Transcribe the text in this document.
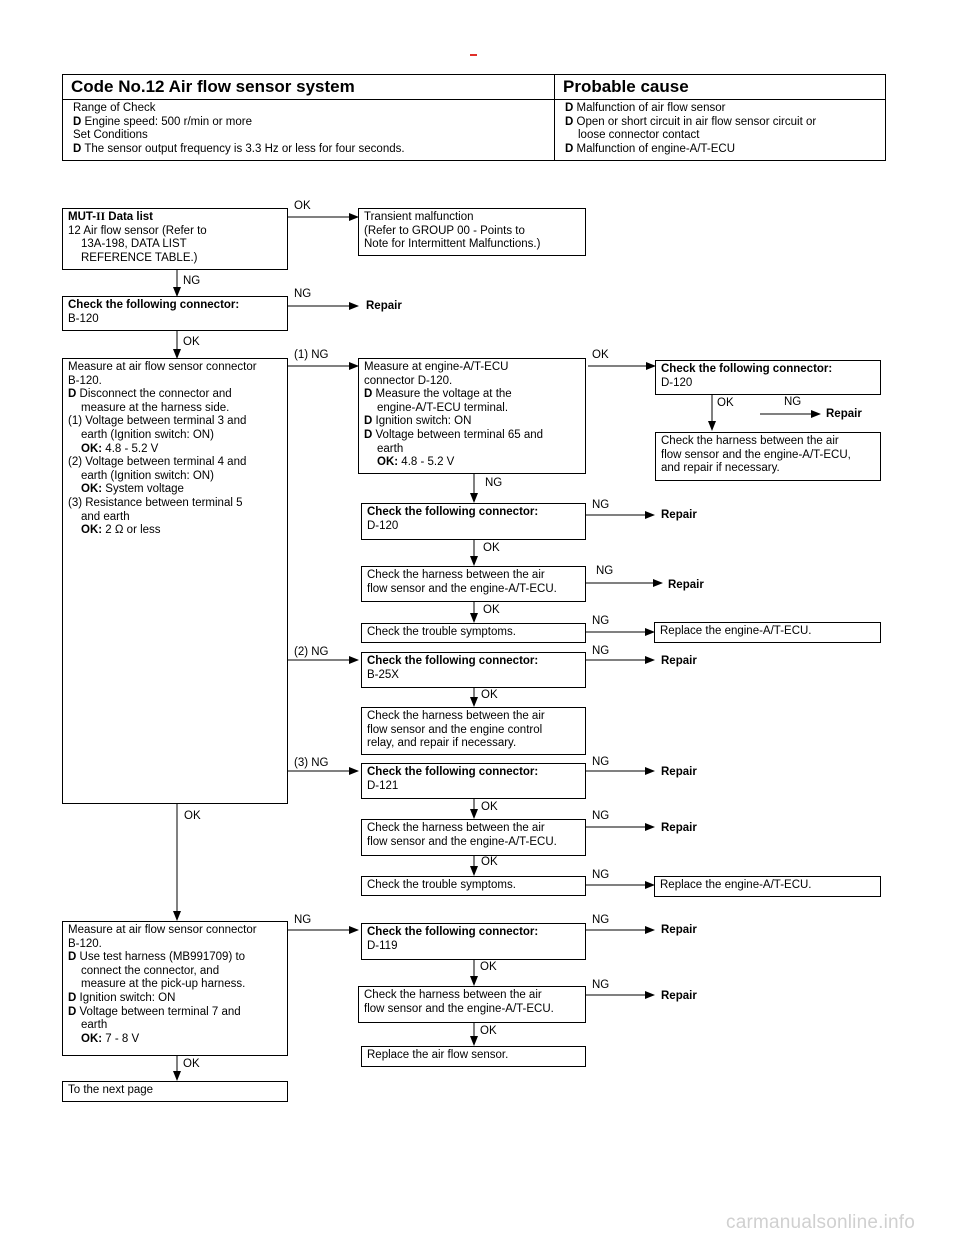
Code No.12 Air flow sensor system	Probable cause

Range of Check
D Engine speed: 500 r/min or more
Set Conditions
D The sensor output frequency is 3.3 Hz or less for four seconds.	D Malfunction of air flow sensor
D Open or short circuit in air flow sensor circuit or
loose connector contact
D Malfunction of engine-A/T-ECU
OK
NG
NG
Repair
OK
(1) NG	OK
OK	NG
Repair
NG
NG
Repair
OK
NG
Repair
OK
NG
(2) NG	NG
Repair
OK
(3) NG	NG
Repair
OK
OK	NG
Repair
OK
NG
NG	NG
Repair
OK
NG
Repair
OK
OK
MUT-II Data list
12 Air flow sensor (Refer to
13A-198, DATA LIST
REFERENCE TABLE.)
Transient malfunction
(Refer to GROUP 00 - Points to
Note for Intermittent Malfunctions.)
Check the following connector:
B-120
Measure at air flow sensor connector
B-120.
D Disconnect the connector and
measure at the harness side.
(1) Voltage between terminal 3 and
earth (Ignition switch: ON)
OK: 4.8 - 5.2 V
(2) Voltage between terminal 4 and
earth (Ignition switch: ON)
OK: System voltage
(3) Resistance between terminal 5
and earth
OK: 2 Ω or less
Measure at engine-A/T-ECU
connector D-120.
D Measure the voltage at the
engine-A/T-ECU terminal.
D Ignition switch: ON
D Voltage between terminal 65 and
earth
OK: 4.8 - 5.2 V
Check the following connector:
D-120
Check the harness between the air
flow sensor and the engine-A/T-ECU,
and repair if necessary.
Check the following connector:
D-120
Check the harness between the air
flow sensor and the engine-A/T-ECU.
Check the trouble symptoms.	Replace the engine-A/T-ECU.
Check the following connector:
B-25X
Check the harness between the air
flow sensor and the engine control
relay, and repair if necessary.
Check the following connector:
D-121
Check the harness between the air
flow sensor and the engine-A/T-ECU.
Check the trouble symptoms.	Replace the engine-A/T-ECU.
Measure at air flow sensor connector
B-120.
D Use test harness (MB991709) to
connect the connector, and
measure at the pick-up harness.
D Ignition switch: ON
D Voltage between terminal 7 and
earth
OK: 7 - 8 V
Check the following connector:
D-119
Check the harness between the air
flow sensor and the engine-A/T-ECU.
Replace the air flow sensor.
To the next page
carmanualsonline.info
